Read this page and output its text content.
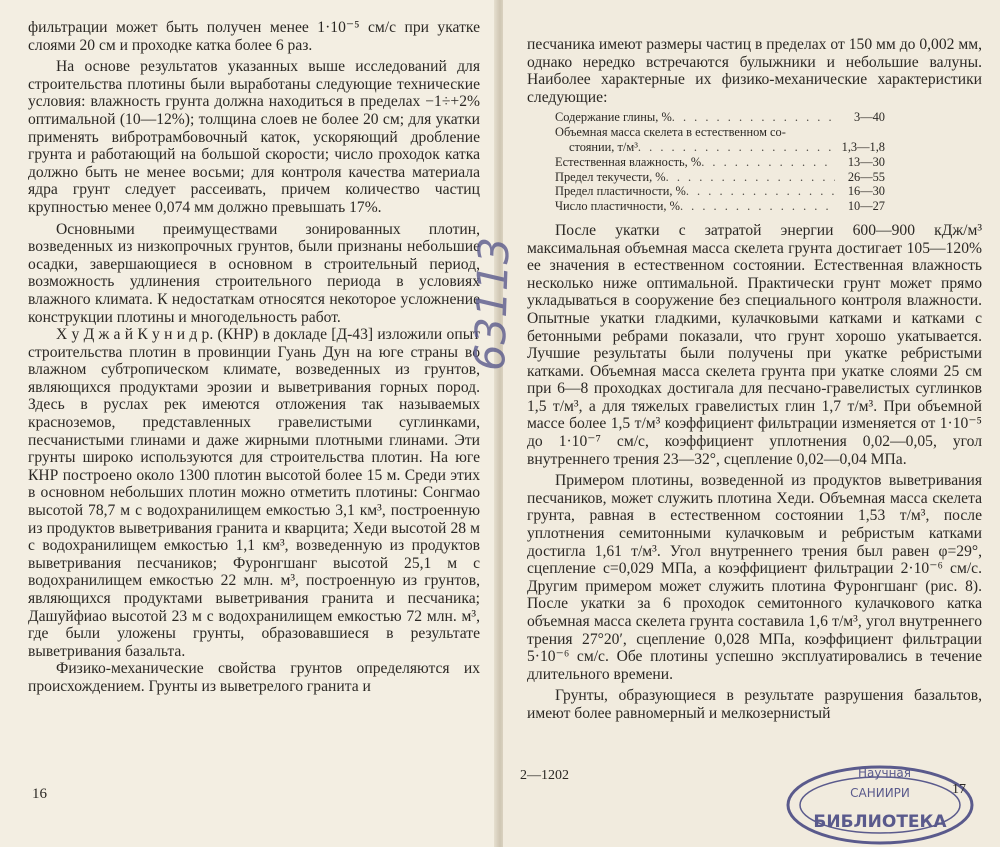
фильтрации может быть получен менее 1·10⁻⁵ см/с при укатке слоями 20 см и проходке катка более 6 раз.

На основе результатов указанных выше исследований для строительства плотины были выработаны следующие технические условия: влажность грунта должна находиться в пределах −1÷+2% оптимальной (10—12%); толщина слоев не более 20 см; для укатки применять вибротрамбовочный каток, ускоряющий дробление грунта и работающий на большой скорости; число проходок катка должно быть не менее восьми; для контроля качества материала ядра грунт следует рассеивать, причем количество частиц крупностью менее 0,074 мм должно превышать 17%.

Основными преимуществами зонированных плотин, возведенных из низкопрочных грунтов, были признаны небольшие осадки, завершающиеся в основном в строительный период, возможность удлинения строительного периода в условиях влажного климата. К недостаткам относятся некоторое усложнение конструкции плотины и многодельность работ.

Х у Д ж а й К у н и д р. (КНР) в докладе [Д-43] изложили опыт строительства плотин в провинции Гуань Дун на юге страны во влажном субтропическом климате, возведенных из грунтов, являющихся продуктами эрозии и выветривания горных пород. Здесь в руслах рек имеются отложения так называемых красноземов, представленных гравелистыми суглинками, песчанистыми глинами и даже жирными плотными глинами. Эти грунты широко используются для строительства плотин. На юге КНР построено около 1300 плотин высотой более 15 м. Среди этих в основном небольших плотин можно отметить плотины: Сонгмао высотой 78,7 м с водохранилищем емкостью 3,1 км³, построенную из продуктов выветривания гранита и кварцита; Хеди высотой 28 м с водохранилищем емкостью 1,1 км³, возведенную из продуктов выветривания песчаников; Фуронгшанг высотой 25,1 м с водохранилищем емкостью 22 млн. м³, построенную из грунтов, являющихся продуктами выветривания гранита и песчаника; Дашуйфиао высотой 23 м с водохранилищем емкостью 72 млн. м³, где были уложены грунты, образовавшиеся в результате выветривания базальта.

Физико-механические свойства грунтов определяются их происхождением. Грунты из выветрелого гранита и

16

песчаника имеют размеры частиц в пределах от 150 мм до 0,002 мм, однако нередко встречаются булыжники и небольшие валуны. Наиболее характерные их физико-механические характеристики следующие:

Содержание глины, % . . .	3—40
Объемная масса скелета в естественном со-
стоянии, т/м³ . . .	1,3—1,8
Естественная влажность, % . . .	13—30
Предел текучести, % . . .	26—55
Предел пластичности, % . . .	16—30
Число пластичности, % . . .	10—27

После укатки с затратой энергии 600—900 кДж/м³ максимальная объемная масса скелета грунта достигает 105—120% ее значения в естественном состоянии. Естественная влажность несколько ниже оптимальной. Практически грунт может прямо укладываться в сооружение без специального контроля влажности. Опытные укатки гладкими, кулачковыми катками и катками с бетонными ребрами показали, что грунт хорошо укатывается. Лучшие результаты были получены при укатке ребристыми катками. Объемная масса скелета грунта при укатке слоями 25 см при 6—8 проходках достигала для песчано-гравелистых суглинков 1,5 т/м³, а для тяжелых гравелистых глин 1,7 т/м³. При объемной массе более 1,5 т/м³ коэффициент фильтрации изменяется от 1·10⁻⁵ до 1·10⁻⁷ см/с, коэффициент уплотнения 0,02—0,05, угол внутреннего трения 23—32°, сцепление 0,02—0,04 МПа.

Примером плотины, возведенной из продуктов выветривания песчаников, может служить плотина Хеди. Объемная масса скелета грунта, равная в естественном состоянии 1,53 т/м³, после уплотнения семитонными кулачковым и ребристым катками достигла 1,61 т/м³. Угол внутреннего трения был равен φ=29°, сцепление c=0,029 МПа, а коэффициент фильтрации 2·10⁻⁶ см/с. Другим примером может служить плотина Фуронгшанг (рис. 8). После укатки за 6 проходок семитонного кулачкового катка объемная масса скелета грунта составила 1,6 т/м³, угол внутреннего трения 27°20′, сцепление 0,028 МПа, коэффициент фильтрации 5·10⁻⁶ см/с. Обе плотины успешно эксплуатировались в течение длительного времени.

Грунты, образующиеся в результате разрушения базальтов, имеют более равномерный и мелкозернистый

2—1202
63113
Научная
САНИИРИ
БИБЛИОТЕКА
17
